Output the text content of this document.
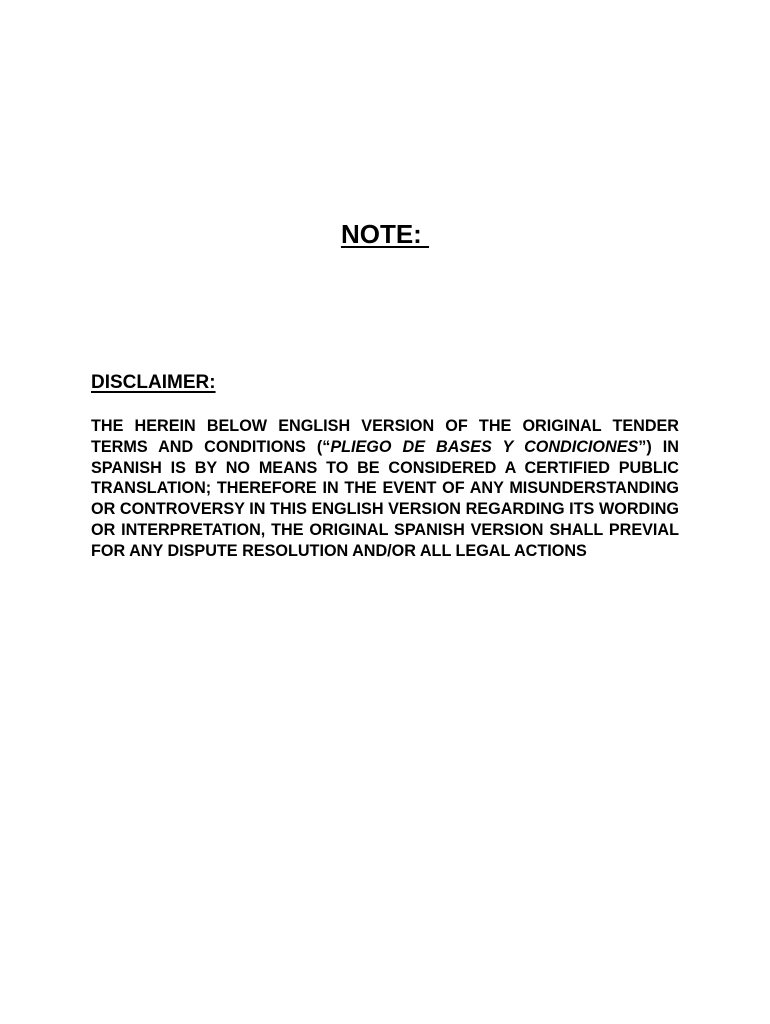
NOTE:
DISCLAIMER:

THE HEREIN BELOW ENGLISH VERSION OF THE ORIGINAL TENDER TERMS AND CONDITIONS (“PLIEGO DE BASES Y CONDICIONES”) IN SPANISH IS BY NO MEANS TO BE CONSIDERED A CERTIFIED PUBLIC TRANSLATION; THEREFORE IN THE EVENT OF ANY MISUNDERSTANDING OR CONTROVERSY IN THIS ENGLISH VERSION REGARDING ITS WORDING OR INTERPRETATION, THE ORIGINAL SPANISH VERSION SHALL PREVIAL FOR ANY DISPUTE RESOLUTION AND/OR ALL LEGAL ACTIONS
